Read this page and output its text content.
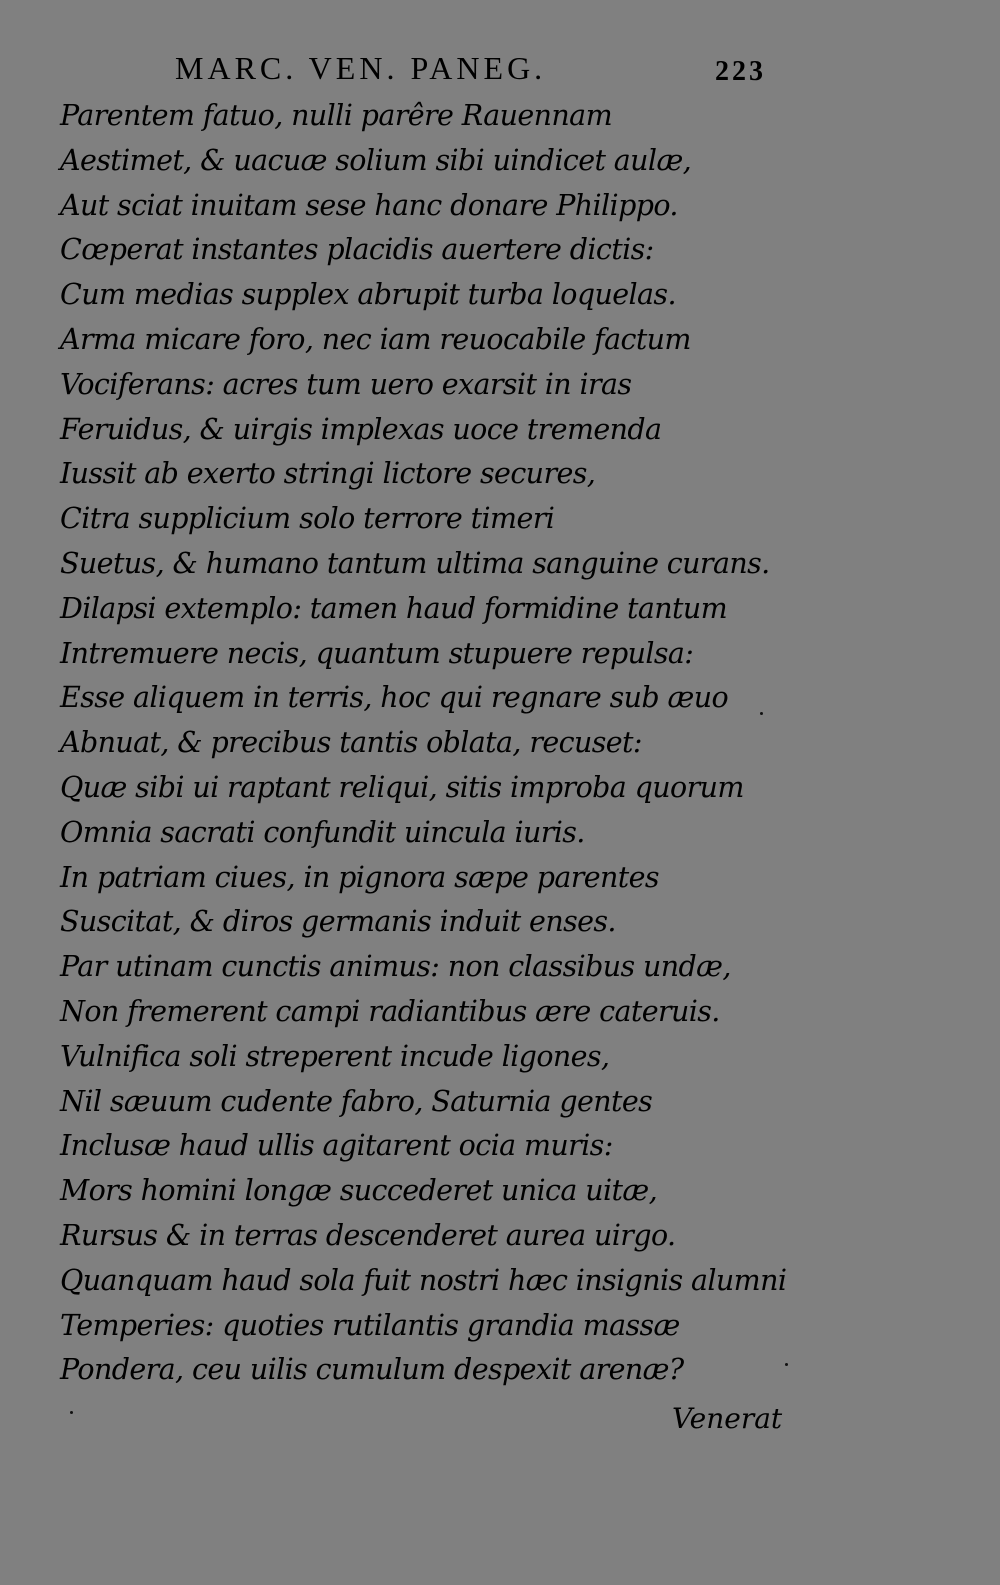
MARC. VEN. PANEG.	223
Parentem fatuo, nulli parêre Rauennam
Aestimet, & uacuæ solium sibi uindicet aulæ,
Aut sciat inuitam sese hanc donare Philippo.
Cœperat instantes placidis auertere dictis:
Cum medias supplex abrupit turba loquelas.
Arma micare foro, nec iam reuocabile factum
Vociferans: acres tum uero exarsit in iras
Feruidus, & uirgis implexas uoce tremenda
Iussit ab exerto stringi lictore secures,
Citra supplicium solo terrore timeri
Suetus, & humano tantum ultima sanguine curans.
Dilapsi extemplo: tamen haud formidine tantum
Intremuere necis, quantum stupuere repulsa:
Esse aliquem in terris, hoc qui regnare sub æuo
Abnuat, & precibus tantis oblata, recuset:
Quæ sibi ui raptant reliqui, sitis improba quorum
Omnia sacrati confundit uincula iuris.
In patriam ciues, in pignora sæpe parentes
Suscitat, & diros germanis induit enses.
Par utinam cunctis animus: non classibus undæ,
Non fremerent campi radiantibus ære cateruis.
Vulnifica soli streperent incude ligones,
Nil sæuum cudente fabro, Saturnia gentes
Inclusæ haud ullis agitarent ocia muris:
Mors homini longæ succederet unica uitæ,
Rursus & in terras descenderet aurea uirgo.
Quanquam haud sola fuit nostri hæc insignis alumni
Temperies: quoties rutilantis grandia massæ
Pondera, ceu uilis cumulum despexit arenæ?
Venerat
